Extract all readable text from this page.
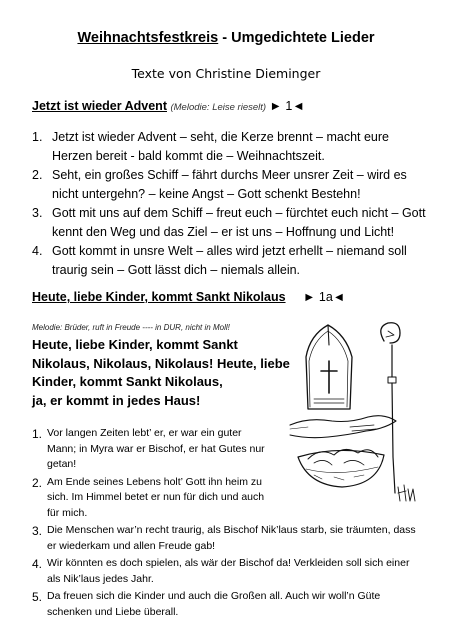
Weihnachtsfestkreis - Umgedichtete Lieder
Texte von Christine Dieminger
Jetzt ist wieder Advent (Melodie: Leise rieselt) ► 1◄
1. Jetzt ist wieder Advent – seht, die Kerze brennt – macht eure Herzen bereit - bald kommt die – Weihnachtszeit.
2. Seht, ein großes Schiff – fährt durchs Meer unsrer Zeit – wird es nicht untergehn? – keine Angst – Gott schenkt Bestehn!
3. Gott mit uns auf dem Schiff – freut euch – fürchtet euch nicht – Gott kennt den Weg und das Ziel – er ist uns – Hoffnung und Licht!
4. Gott kommt in unsre Welt – alles wird jetzt erhellt – niemand soll traurig sein – Gott lässt dich – niemals allein.
Heute, liebe Kinder, kommt Sankt Nikolaus ► 1a◄
Melodie: Brüder, ruft in Freude ---- in DUR, nicht in Moll!
Heute, liebe Kinder, kommt Sankt
Nikolaus, Nikolaus, Nikolaus! Heute, liebe
Kinder, kommt Sankt Nikolaus,
ja, er kommt in jedes Haus!
1. Vor langen Zeiten lebt’ er, er war ein guter Mann; in Myra war er Bischof, er hat Gutes nur getan!
2. Am Ende seines Lebens holt’ Gott ihn heim zu sich. Im Himmel betet er nun für dich und auch für mich.
3. Die Menschen war’n recht traurig, als Bischof Nik’laus starb, sie träumten, dass er wiederkam und allen Freude gab!
4. Wir könnten es doch spielen, als wär der Bischof da! Verkleiden soll sich einer als Nik’laus jedes Jahr.
5. Da freuen sich die Kinder und auch die Großen all. Auch wir woll’n Güte schenken und Liebe überall.
